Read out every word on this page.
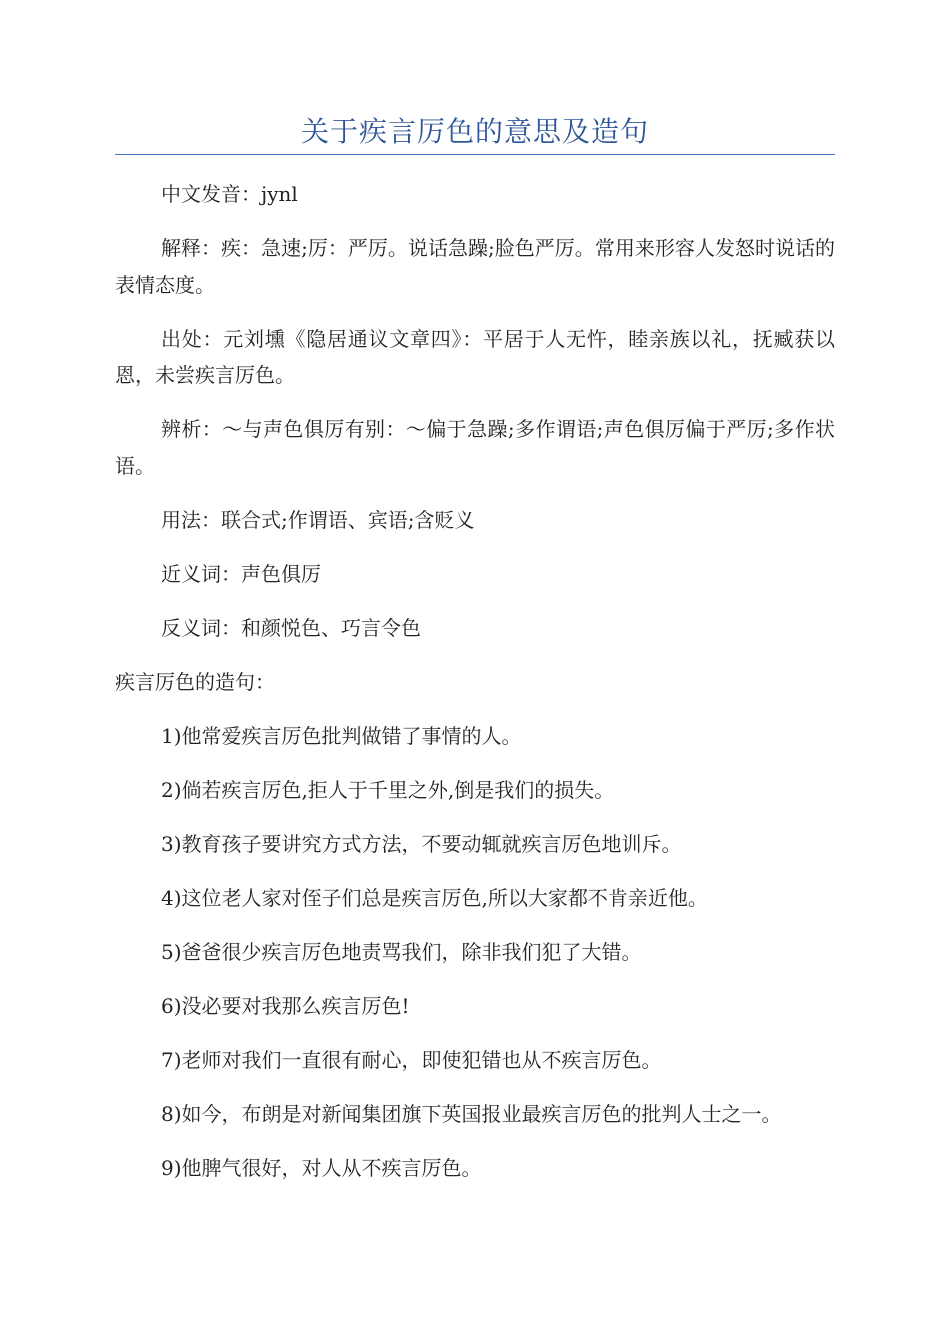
关于疾言厉色的意思及造句

中文发音：jynl

解释：疾：急速;厉：严厉。说话急躁;脸色严厉。常用来形容人发怒时说话的表情态度。

出处：元刘壎《隐居通议文章四》：平居于人无忤，睦亲族以礼，抚臧获以恩，未尝疾言厉色。

辨析：～与声色俱厉有别：～偏于急躁;多作谓语;声色俱厉偏于严厉;多作状语。

用法：联合式;作谓语、宾语;含贬义

近义词：声色俱厉

反义词：和颜悦色、巧言令色

疾言厉色的造句：

1)他常爱疾言厉色批判做错了事情的人。

2)倘若疾言厉色,拒人于千里之外,倒是我们的损失。

3)教育孩子要讲究方式方法，不要动辄就疾言厉色地训斥。

4)这位老人家对侄子们总是疾言厉色,所以大家都不肯亲近他。

5)爸爸很少疾言厉色地责骂我们，除非我们犯了大错。

6)没必要对我那么疾言厉色!

7)老师对我们一直很有耐心，即使犯错也从不疾言厉色。

8)如今，布朗是对新闻集团旗下英国报业最疾言厉色的批判人士之一。

9)他脾气很好，对人从不疾言厉色。
